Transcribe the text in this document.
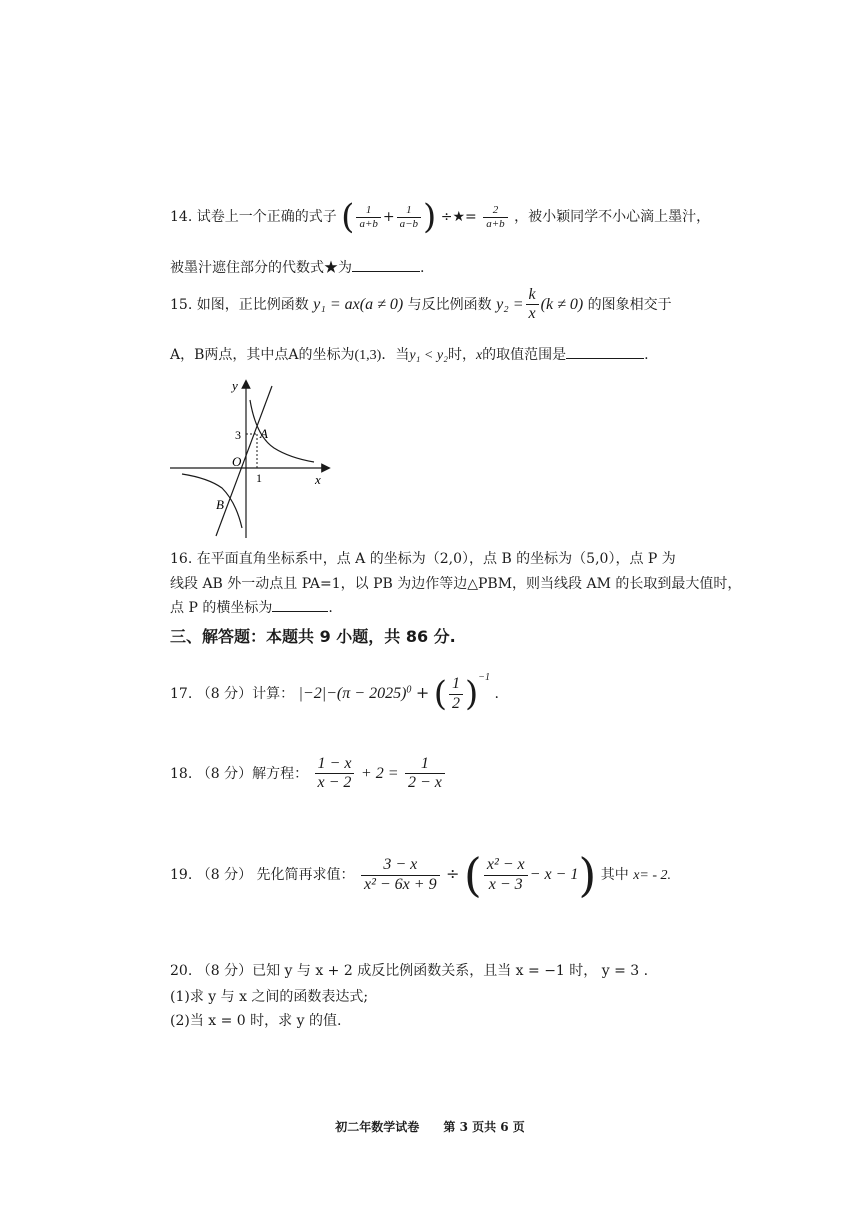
14. 试卷上一个正确的式子 ( $\frac{1}{a+b} + \frac{1}{a-b}$ ) ÷★= $\frac{2}{a+b}$ ，被小颖同学不小心滴上墨汁，
被墨汁遮住部分的代数式★为	.
15. 如图，正比例函数 y₁ = ax(a ≠ 0) 与反比例函数 $y_2 = \frac{k}{x} (k \ne 0)$ 的图象相交于
A，B两点，其中点A的坐标为(1,3)．当y₁ < y₂时，x的取值范围是	.
y
x
O
3
1
A
B
16. 在平面直角坐标系中，点 A 的坐标为（2,0），点 B 的坐标为（5,0），点 P 为
线段 AB 外一动点且 PA=1，以 PB 为边作等边△PBM，则当线段 AM 的长取到最大值时，
点 P 的横坐标为	.
三、解答题：本题共 9 小题，共 86 分.
17. （8 分）计算： $|-2|-(\pi - 2025)^0$ + ( $\frac{1}{2} )^{-1}$ .
18. （8 分）解方程： $\frac{1 - x}{x - 2} + 2 = \frac{1}{2 - x}$
19. （8 分） 先化简再求值： $\frac{3 - x}{\text{x² − 6x + 9}}$ ÷ ( $\frac{\text{x² − x}}{x - 3} - x - 1$) 其中 x= - 2.
20. （8 分）已知 y 与 x + 2 成反比例函数关系，且当 x = −1 时， y = 3 .
(1)求 y 与 x 之间的函数表达式;
(2)当 x = 0 时，求 y 的值.
初二年数学试卷 第 3 页共 6 页
